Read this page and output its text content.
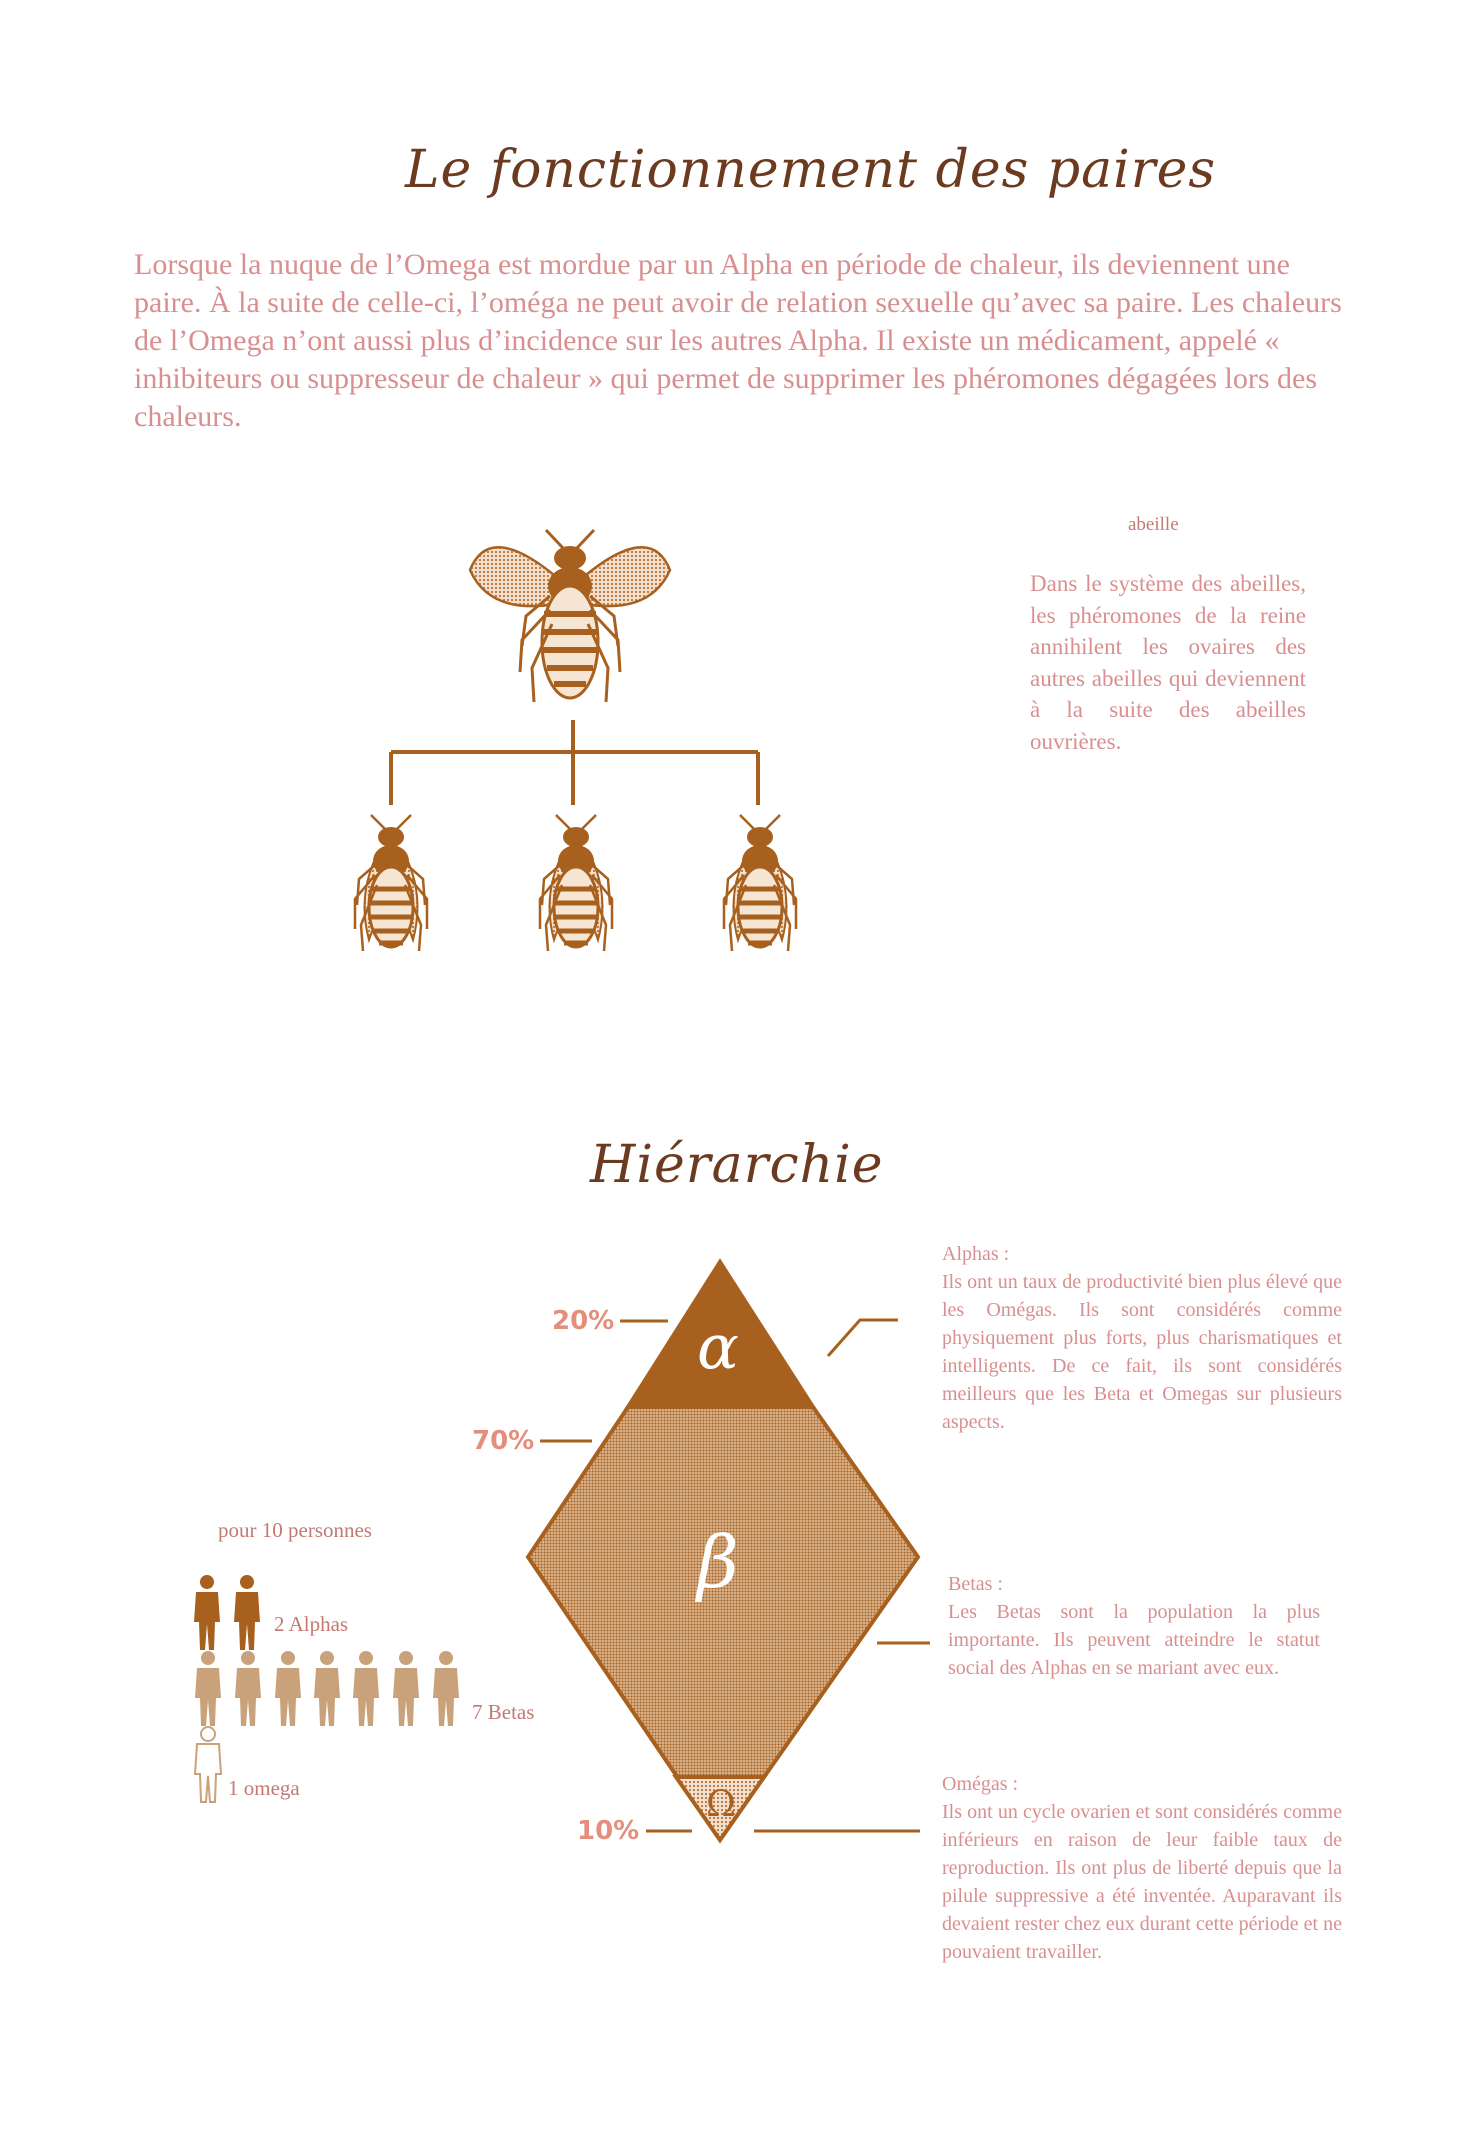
Le fonctionnement des paires
Lorsque la nuque de l’Omega est mordue par un Alpha en période de chaleur, ils deviennent une paire. À la suite de celle-ci, l’oméga ne peut avoir de relation sexuelle qu’avec sa paire. Les chaleurs de l’Omega n’ont aussi plus d’incidence sur les autres Alpha. Il existe un médicament, appelé « inhibiteurs ou suppresseur de chaleur » qui permet de supprimer les phéromones dégagées lors des chaleurs.
α
β
Ω
20%
70%
10%
abeille
Dans le système des abeilles, les phéromones de la reine annihilent les ovaires des autres abeilles qui deviennent à la suite des abeilles ouvrières.
Hiérarchie
pour 10 personnes
2 Alphas
7 Betas
1 omega
Alphas :
Ils ont un taux de productivité bien plus élevé que les Omégas. Ils sont considérés comme physiquement plus forts, plus charismatiques et intelligents. De ce fait, ils sont considérés meilleurs que les Beta et Omegas sur plusieurs aspects.
Betas :
Les Betas sont la population la plus importante. Ils peuvent atteindre le statut social des Alphas en se mariant avec eux.
Omégas :
Ils ont un cycle ovarien et sont considérés comme inférieurs en raison de leur faible taux de reproduction. Ils ont plus de liberté depuis que la pilule suppressive a été inventée. Auparavant ils devaient rester chez eux durant cette période et ne pouvaient travailler.
